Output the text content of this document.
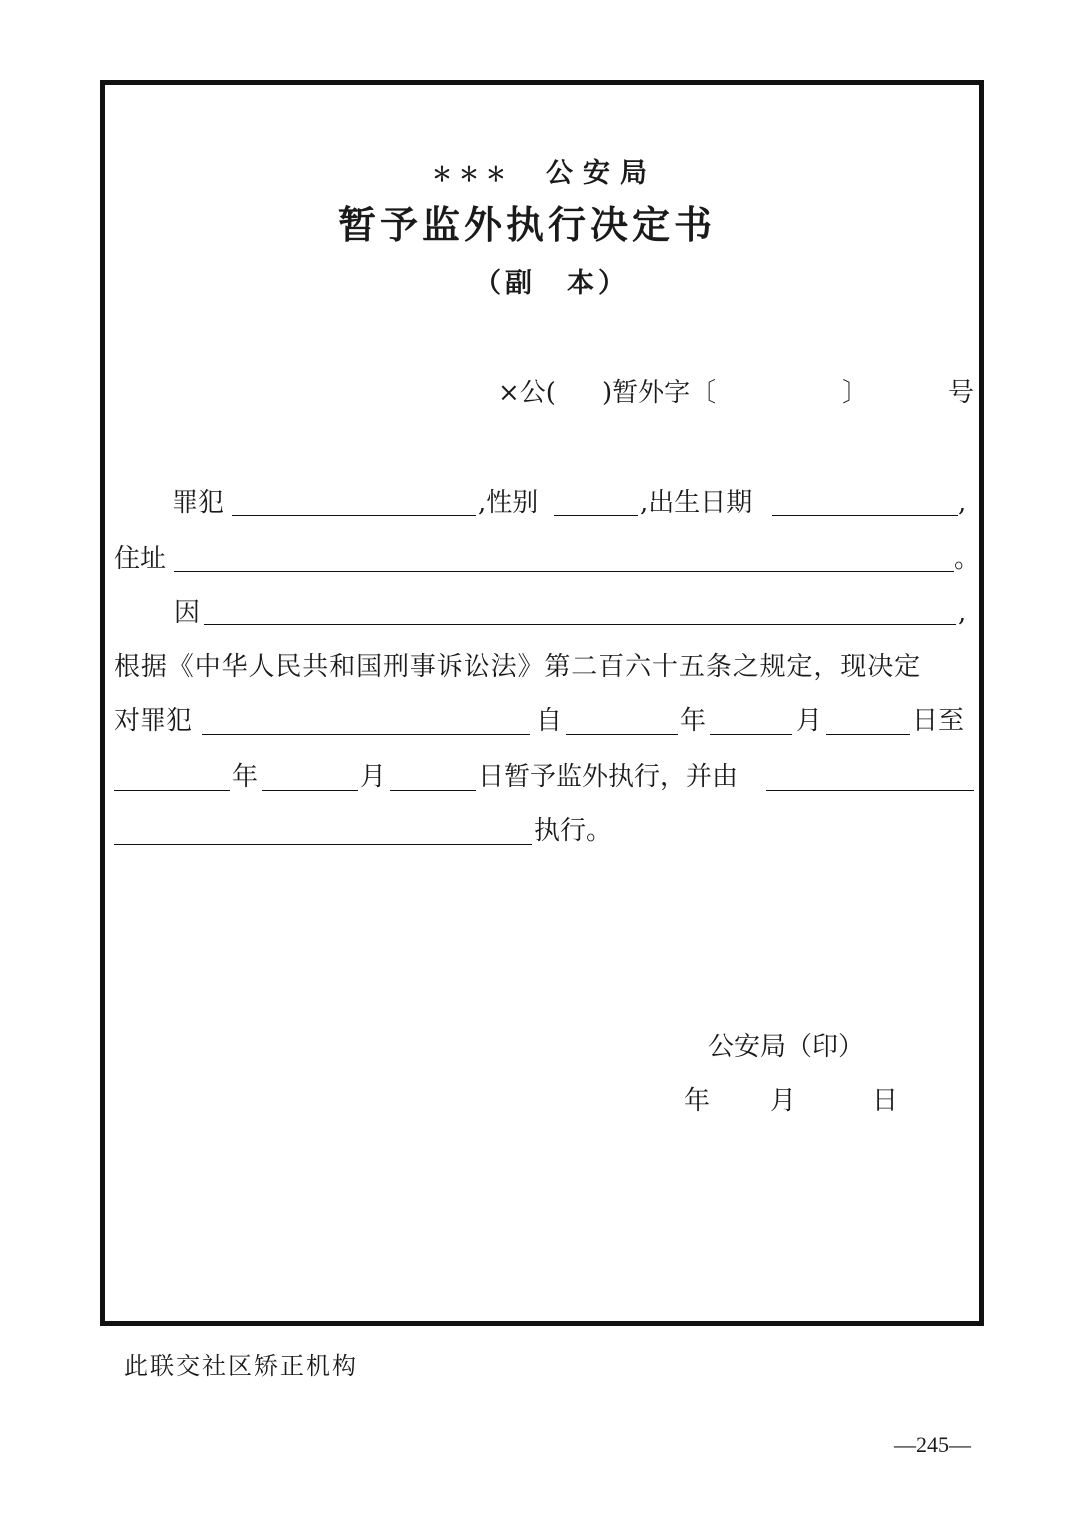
＊ ＊ ＊ 公安局
暂予监外执行决定书
（副　本）
×公( )暂外字〔	〕	号
罪犯	,性别	,出生日期	,
住址	。
因	,
根据《中华人民共和国刑事诉讼法》第二百六十五条之规定，现决定
对罪犯	自	年	月	日至
年	月	日暂予监外执行，并由
执行。
公安局（印）
年 月	日
此联交社区矫正机构
—245—
